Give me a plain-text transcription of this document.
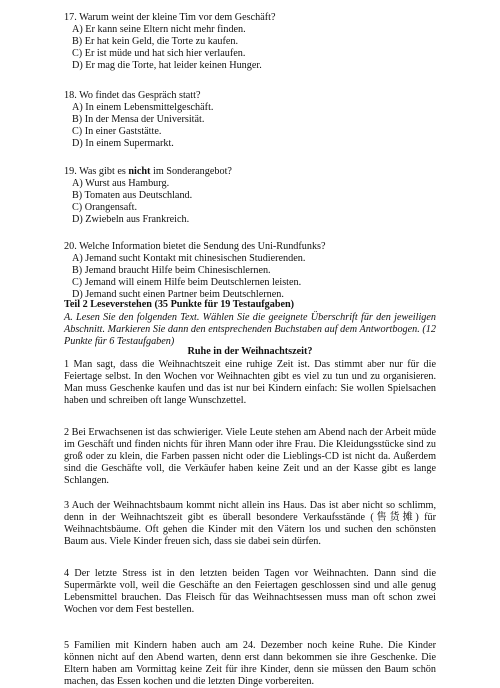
17. Warum weint der kleine Tim vor dem Geschäft?

A) Er kann seine Eltern nicht mehr finden.

B) Er hat kein Geld, die Torte zu kaufen.

C) Er ist müde und hat sich hier verlaufen.

D) Er mag die Torte, hat leider keinen Hunger.

18. Wo findet das Gespräch statt?

A) In einem Lebensmittelgeschäft.

B) In der Mensa der Universität.

C) In einer Gaststätte.

D) In einem Supermarkt.

19. Was gibt es nicht im Sonderangebot?

A) Wurst aus Hamburg.

B) Tomaten aus Deutschland.

C) Orangensaft.

D) Zwiebeln aus Frankreich.

20. Welche Information bietet die Sendung des Uni-Rundfunks?

A) Jemand sucht Kontakt mit chinesischen Studierenden.

B) Jemand braucht Hilfe beim Chinesischlernen.

C) Jemand will einem Hilfe beim Deutschlernen leisten.

D) Jemand sucht einen Partner beim Deutschlernen.

Teil 2 Leseverstehen (35 Punkte für 19 Testaufgaben)
A. Lesen Sie den folgenden Text. Wählen Sie die geeignete Überschrift für den jeweiligen Abschnitt. Markieren Sie dann den entsprechenden Buchstaben auf dem Antwortbogen. (12 Punkte für 6 Testaufgaben)
Ruhe in der Weihnachtszeit?

1 Man sagt, dass die Weihnachtszeit eine ruhige Zeit ist. Das stimmt aber nur für die Feiertage selbst. In den Wochen vor Weihnachten gibt es viel zu tun und zu organisieren. Man muss Geschenke kaufen und das ist nur bei Kindern einfach: Sie wollen Spielsachen haben und schreiben oft lange Wunschzettel.

2 Bei Erwachsenen ist das schwieriger. Viele Leute stehen am Abend nach der Arbeit müde im Geschäft und finden nichts für ihren Mann oder ihre Frau. Die Kleidungsstücke sind zu groß oder zu klein, die Farben passen nicht oder die Lieblings-CD ist nicht da. Außerdem sind die Geschäfte voll, die Verkäufer haben keine Zeit und an der Kasse gibt es lange Schlangen.

3 Auch der Weihnachtsbaum kommt nicht allein ins Haus. Das ist aber nicht so schlimm, denn in der Weihnachtszeit gibt es überall besondere Verkaufsstände (售货摊) für Weihnachtsbäume. Oft gehen die Kinder mit den Vätern los und suchen den schönsten Baum aus. Viele Kinder freuen sich, dass sie dabei sein dürfen.

4 Der letzte Stress ist in den letzten beiden Tagen vor Weihnachten. Dann sind die Supermärkte voll, weil die Geschäfte an den Feiertagen geschlossen sind und alle genug Lebensmittel brauchen. Das Fleisch für das Weihnachtsessen muss man oft schon zwei Wochen vor dem Fest bestellen.

5 Familien mit Kindern haben auch am 24. Dezember noch keine Ruhe. Die Kinder können nicht auf den Abend warten, denn erst dann bekommen sie ihre Geschenke. Die Eltern haben am Vormittag keine Zeit für ihre Kinder, denn sie müssen den Baum schön machen, das Essen kochen und die letzten Dinge vorbereiten.
